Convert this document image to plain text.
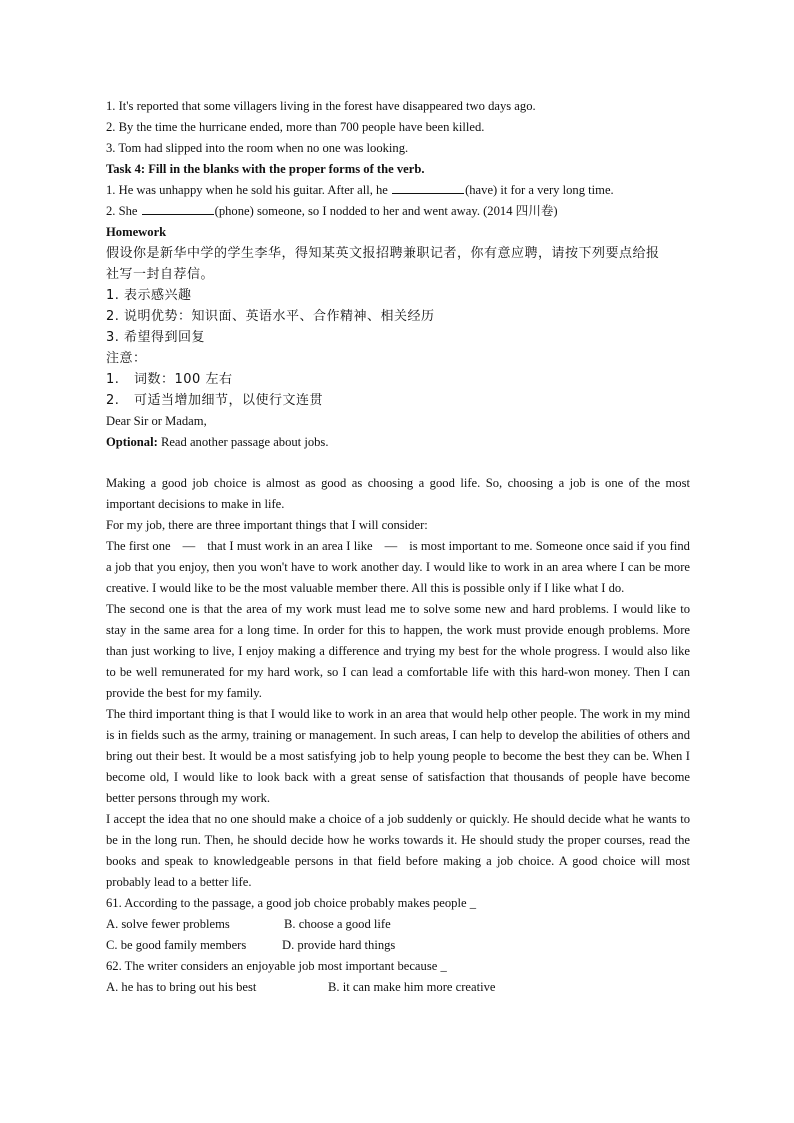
1. It's reported that some villagers living in the forest have disappeared two days ago.

2. By the time the hurricane ended, more than 700 people have been killed.

3. Tom had slipped into the room when no one was looking.

Task 4: Fill in the blanks with the proper forms of the verb.

1. He was unhappy when he sold his guitar. After all, he	(have) it for a very long time.

2. She	(phone) someone, so I nodded to her and went away. (2014 四川卷)

Homework

假设你是新华中学的学生李华，得知某英文报招聘兼职记者，你有意应聘，请按下列要点给报

社写一封自荐信。

1. 表示感兴趣

2. 说明优势：知识面、英语水平、合作精神、相关经历

3. 希望得到回复

注意：

1. 词数：100 左右

2. 可适当增加细节，以使行文连贯

Dear Sir or Madam,

Optional: Read another passage about jobs.

Making a good job choice is almost as good as choosing a good life. So, choosing a job is one of the most important decisions to make in life.

For my job, there are three important things that I will consider:

The first one — that I must work in an area I like — is most important to me. Someone once said if you find a job that you enjoy, then you won't have to work another day. I would like to work in an area where I can be more creative. I would like to be the most valuable member there. All this is possible only if I like what I do.

The second one is that the area of my work must lead me to solve some new and hard problems. I would like to stay in the same area for a long time. In order for this to happen, the work must provide enough problems. More than just working to live, I enjoy making a difference and trying my best for the whole progress. I would also like to be well remunerated for my hard work, so I can lead a comfortable life with this hard-won money. Then I can provide the best for my family.

The third important thing is that I would like to work in an area that would help other people. The work in my mind is in fields such as the army, training or management. In such areas, I can help to develop the abilities of others and bring out their best. It would be a most satisfying job to help young people to become the best they can be. When I become old, I would like to look back with a great sense of satisfaction that thousands of people have become better persons through my work.

I accept the idea that no one should make a choice of a job suddenly or quickly. He should decide what he wants to be in the long run. Then, he should decide how he works towards it. He should study the proper courses, read the books and speak to knowledgeable persons in that field before making a job choice. A good choice will most probably lead to a better life.

61. According to the passage, a good job choice probably makes people _

A. solve fewer problems	B. choose a good life

C. be good family members	D. provide hard things

62. The writer considers an enjoyable job most important because _

A. he has to bring out his best	B. it can make him more creative
